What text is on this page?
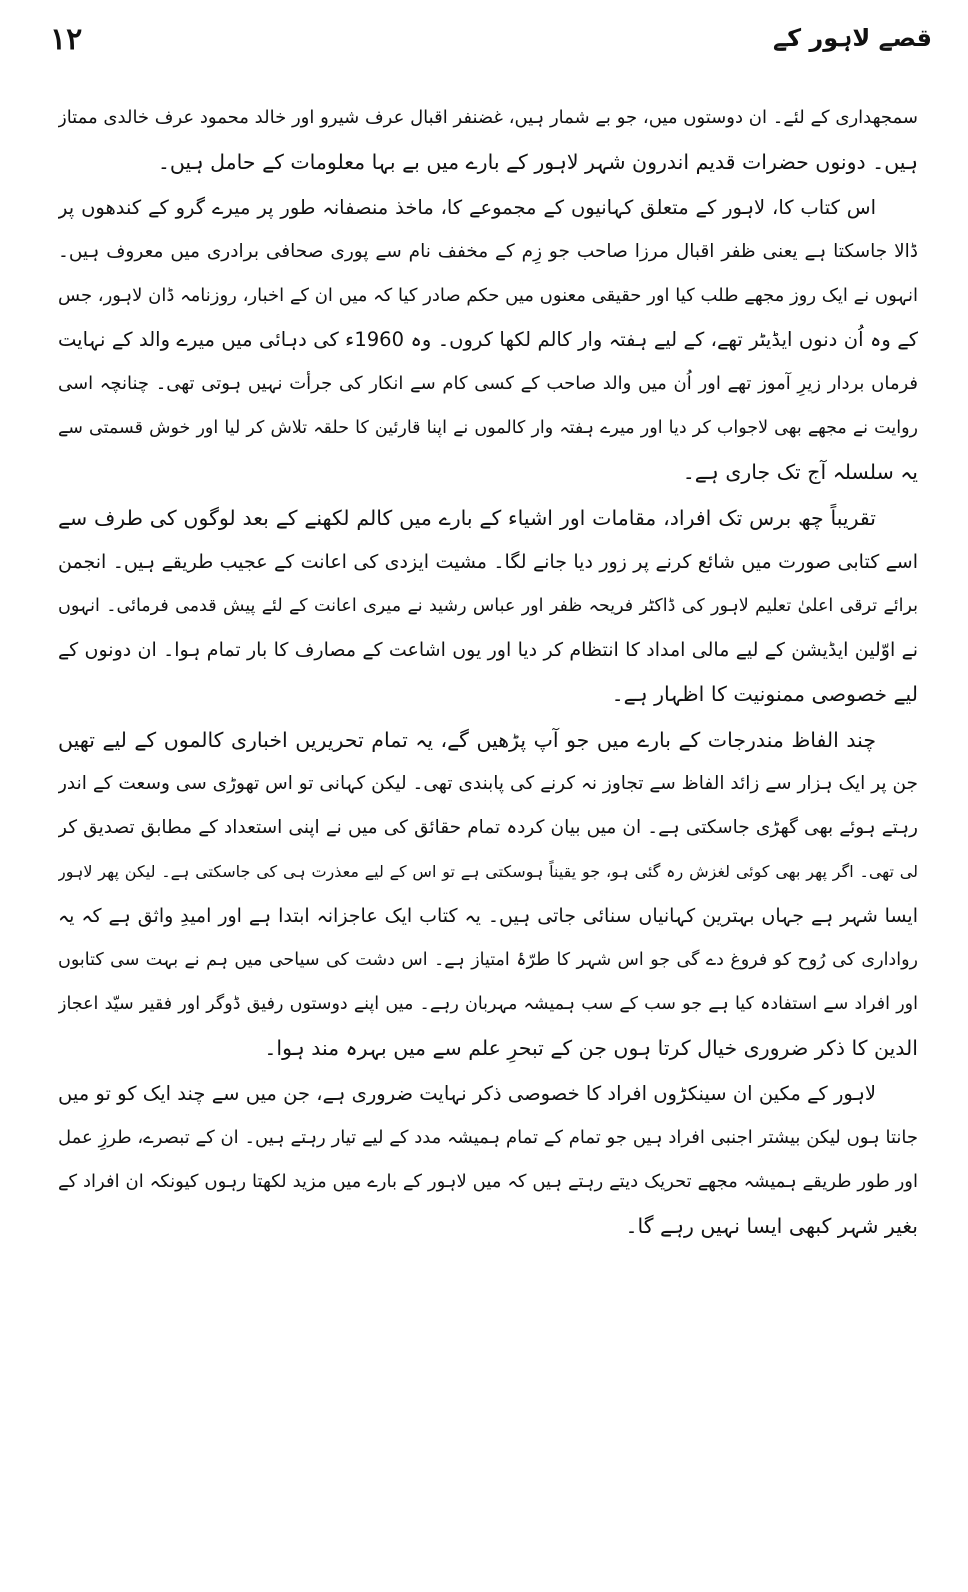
۱۲	قصے لاہور کے
سمجھداری کے لئے۔ ان دوستوں میں، جو بے شمار ہیں، غضنفر اقبال عرف شیرو اور خالد محمود عرف خالدی ممتاز
ہیں۔ دونوں حضرات قدیم اندرون شہر لاہور کے بارے میں بے بہا معلومات کے حامل ہیں۔
اس کتاب کا، لاہور کے متعلق کہانیوں کے مجموعے کا، ماخذ منصفانہ طور پر میرے گرو کے کندھوں پر
ڈالا جاسکتا ہے یعنی ظفر اقبال مرزا صاحب جو زِم کے مخفف نام سے پوری صحافی برادری میں معروف ہیں۔
انہوں نے ایک روز مجھے طلب کیا اور حقیقی معنوں میں حکم صادر کیا کہ میں ان کے اخبار، روزنامہ ڈان لاہور، جس
کے وہ اُن دنوں ایڈیٹر تھے، کے لیے ہفتہ وار کالم لکھا کروں۔ وہ 1960ء کی دہائی میں میرے والد کے نہایت
فرماں بردار زیرِ آموز تھے اور اُن میں والد صاحب کے کسی کام سے انکار کی جرأت نہیں ہوتی تھی۔ چنانچہ اسی
روایت نے مجھے بھی لاجواب کر دیا اور میرے ہفتہ وار کالموں نے اپنا قارئین کا حلقہ تلاش کر لیا اور خوش قسمتی سے
یہ سلسلہ آج تک جاری ہے۔
تقریباً چھ برس تک افراد، مقامات اور اشیاء کے بارے میں کالم لکھنے کے بعد لوگوں کی طرف سے
اسے کتابی صورت میں شائع کرنے پر زور دیا جانے لگا۔ مشیت ایزدی کی اعانت کے عجیب طریقے ہیں۔ انجمن
برائے ترقی اعلیٰ تعلیم لاہور کی ڈاکٹر فریحہ ظفر اور عباس رشید نے میری اعانت کے لئے پیش قدمی فرمائی۔ انہوں
نے اوّلین ایڈیشن کے لیے مالی امداد کا انتظام کر دیا اور یوں اشاعت کے مصارف کا بار تمام ہوا۔ ان دونوں کے
لیے خصوصی ممنونیت کا اظہار ہے۔
چند الفاظ مندرجات کے بارے میں جو آپ پڑھیں گے، یہ تمام تحریریں اخباری کالموں کے لیے تھیں
جن پر ایک ہزار سے زائد الفاظ سے تجاوز نہ کرنے کی پابندی تھی۔ لیکن کہانی تو اس تھوڑی سی وسعت کے اندر
رہتے ہوئے بھی گھڑی جاسکتی ہے۔ ان میں بیان کردہ تمام حقائق کی میں نے اپنی استعداد کے مطابق تصدیق کر
لی تھی۔ اگر پھر بھی کوئی لغزش رہ گئی ہو، جو یقیناً ہوسکتی ہے تو اس کے لیے معذرت ہی کی جاسکتی ہے۔ لیکن پھر لاہور
ایسا شہر ہے جہاں بہترین کہانیاں سنائی جاتی ہیں۔ یہ کتاب ایک عاجزانہ ابتدا ہے اور امیدِ واثق ہے کہ یہ
رواداری کی رُوح کو فروغ دے گی جو اس شہر کا طرّۂ امتیاز ہے۔ اس دشت کی سیاحی میں ہم نے بہت سی کتابوں
اور افراد سے استفادہ کیا ہے جو سب کے سب ہمیشہ مہربان رہے۔ میں اپنے دوستوں رفیق ڈوگر اور فقیر سیّد اعجاز
الدین کا ذکر ضروری خیال کرتا ہوں جن کے تبحرِ علم سے میں بہرہ مند ہوا۔
لاہور کے مکین ان سینکڑوں افراد کا خصوصی ذکر نہایت ضروری ہے، جن میں سے چند ایک کو تو میں
جانتا ہوں لیکن بیشتر اجنبی افراد ہیں جو تمام کے تمام ہمیشہ مدد کے لیے تیار رہتے ہیں۔ ان کے تبصرے، طرزِ عمل
اور طور طریقے ہمیشہ مجھے تحریک دیتے رہتے ہیں کہ میں لاہور کے بارے میں مزید لکھتا رہوں کیونکہ ان افراد کے
بغیر شہر کبھی ایسا نہیں رہے گا۔
